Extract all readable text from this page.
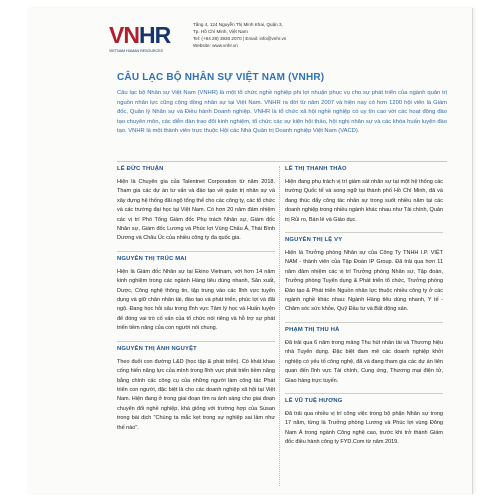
VNHR
VIETNAM HUMAN RESOURCES
Tầng 4, 124 Nguyễn Thị Minh Khai, Quận 3,
Tp. Hồ Chí Minh, Việt Nam
Tel: (+84 28) 3930 2070 | Email: info@vnhr.vn
Website: www.vnhr.vn
CÂU LẠC BỘ NHÂN SỰ VIỆT NAM (VNHR)
Câu lạc bộ Nhân sự Việt Nam (VNHR) là một tổ chức nghề nghiệp phi lợi nhuận phục vụ cho sự phát triển của ngành quản trị nguồn nhân lực cũng cộng đồng nhân sự tại Việt Nam. VNHR ra đời từ năm 2007 và hiện nay có hơn 1200 hội viên là Giám đốc, Quản lý Nhân sự và Điều hành Doanh nghiệp. VNHR là tổ chức xã hội nghề nghiệp có uy tín cao với các hoạt động đào tạo chuyên môn, các diễn đàn trao đổi kinh nghiệm, tổ chức các sự kiện hội thảo, hội nghị nhân sự và các khóa huấn luyện đào tạo. VNHR là một thành viên trực thuộc Hội các Nhà Quản trị Doanh nghiệp Việt Nam (VACD).
LÊ ĐỨC THUẬN
Hiện là Chuyên gia của Talentnet Corporation từ năm 2018. Tham gia các dự án tư vấn và đào tạo về quản trị nhân sự và xây dựng hệ thống đãi ngộ tổng thể cho các công ty, các tổ chức và các trường đại học tại Việt Nam. Có hơn 20 năm đảm nhiệm các vị trí Phó Tổng Giám đốc Phụ trách Nhân sự, Giám đốc Nhân sự, Giám đốc Lương và Phúc lợi Vùng Châu Á, Thái Bình Dương và Châu Úc của nhiều công ty đa quốc gia.
NGUYỄN THỊ TRÚC MAI
Hiện là Giám đốc Nhân sự tại Ekino Vietnam, với hơn 14 năm kinh nghiệm trong các ngành Hàng tiêu dùng nhanh, Sản xuất, Dược, Công nghệ thông tin, tập trung vào các lĩnh vực tuyển dụng và giữ chân nhân tài, đào tạo và phát triển, phúc lợi và đãi ngộ. Đang học hỏi sâu trong lĩnh vực Tâm lý học và Huấn luyện để đóng vai trò cố vấn của tổ chức nói riêng và hỗ trợ sự phát triển tiềm năng của con người nói chung.
NGUYỄN THỊ ÁNH NGUYỆT
Theo đuổi con đường L&D (học tập & phát triển). Có khát khao cống hiến năng lực của mình trong lĩnh vực phát triển tiềm năng bằng chính các công cụ của những người làm công tác Phát triển con người, đặc biệt là cho các doanh nghiệp xã hội tại Việt Nam. Hiện đang ở trong giai đoạn tìm ra ánh sáng cho giai đoạn chuyển đổi nghề nghiệp, khá giống với trường hợp của Susan trong bài dịch "Chúng ta mắc kẹt trong sự nghiệp sai lầm như thế nào".
LÊ THỊ THANH THẢO
Hiện đang phụ trách vị trí giám sát nhân sự tại một hệ thống các trường Quốc tế và song ngữ tại thành phố Hồ Chí Minh, đã và đang thúc đẩy công tác nhân sự trong suốt nhiều năm tại các doanh nghiệp trong nhiều ngành khác nhau như Tài chính, Quản trị Rủi ro, Bán lẻ và Giáo dục.
NGUYỄN THỊ LỆ VY
Hiện là Trưởng phòng Nhân sự của Công Ty TNHH I.P. VIỆT NAM - thành viên của Tập Đoàn IP Group. Đã trải qua hơn 11 năm đảm nhiệm các vị trí Trưởng phòng Nhân sự, Tập đoàn, Trưởng phòng Tuyển dụng & Phát triển tổ chức, Trưởng phòng Đào tạo & Phát triển Nguồn nhân lực thuộc nhiều công ty ở các ngành nghề khác nhau: Ngành Hàng tiêu dùng nhanh, Y tế - Chăm sóc sức khỏe, Quỹ Đầu tư và Bất động sản.
PHẠM THỊ THU HÀ
Đã trải qua 6 năm trong mảng Thu hút nhân tài và Thương hiệu nhà Tuyển dụng. Đặc biệt đam mê các doanh nghiệp khởi nghiệp có yếu tố công nghệ, đã và đang tham gia các dự án liên quan đến lĩnh vực Tài chính, Cung ứng, Thương mại điện tử, Giao hàng trực tuyến.
LÊ VŨ TUỆ HƯƠNG
Đã trải qua nhiều vị trí công việc trong bộ phận Nhân sự trong 17 năm, từng là Trưởng phòng Lương và Phúc lợi vùng Đông Nam Á trong ngành Công nghệ cao, trước khi trở thành Giám đốc điều hành công ty FYD.Com từ năm 2019.
